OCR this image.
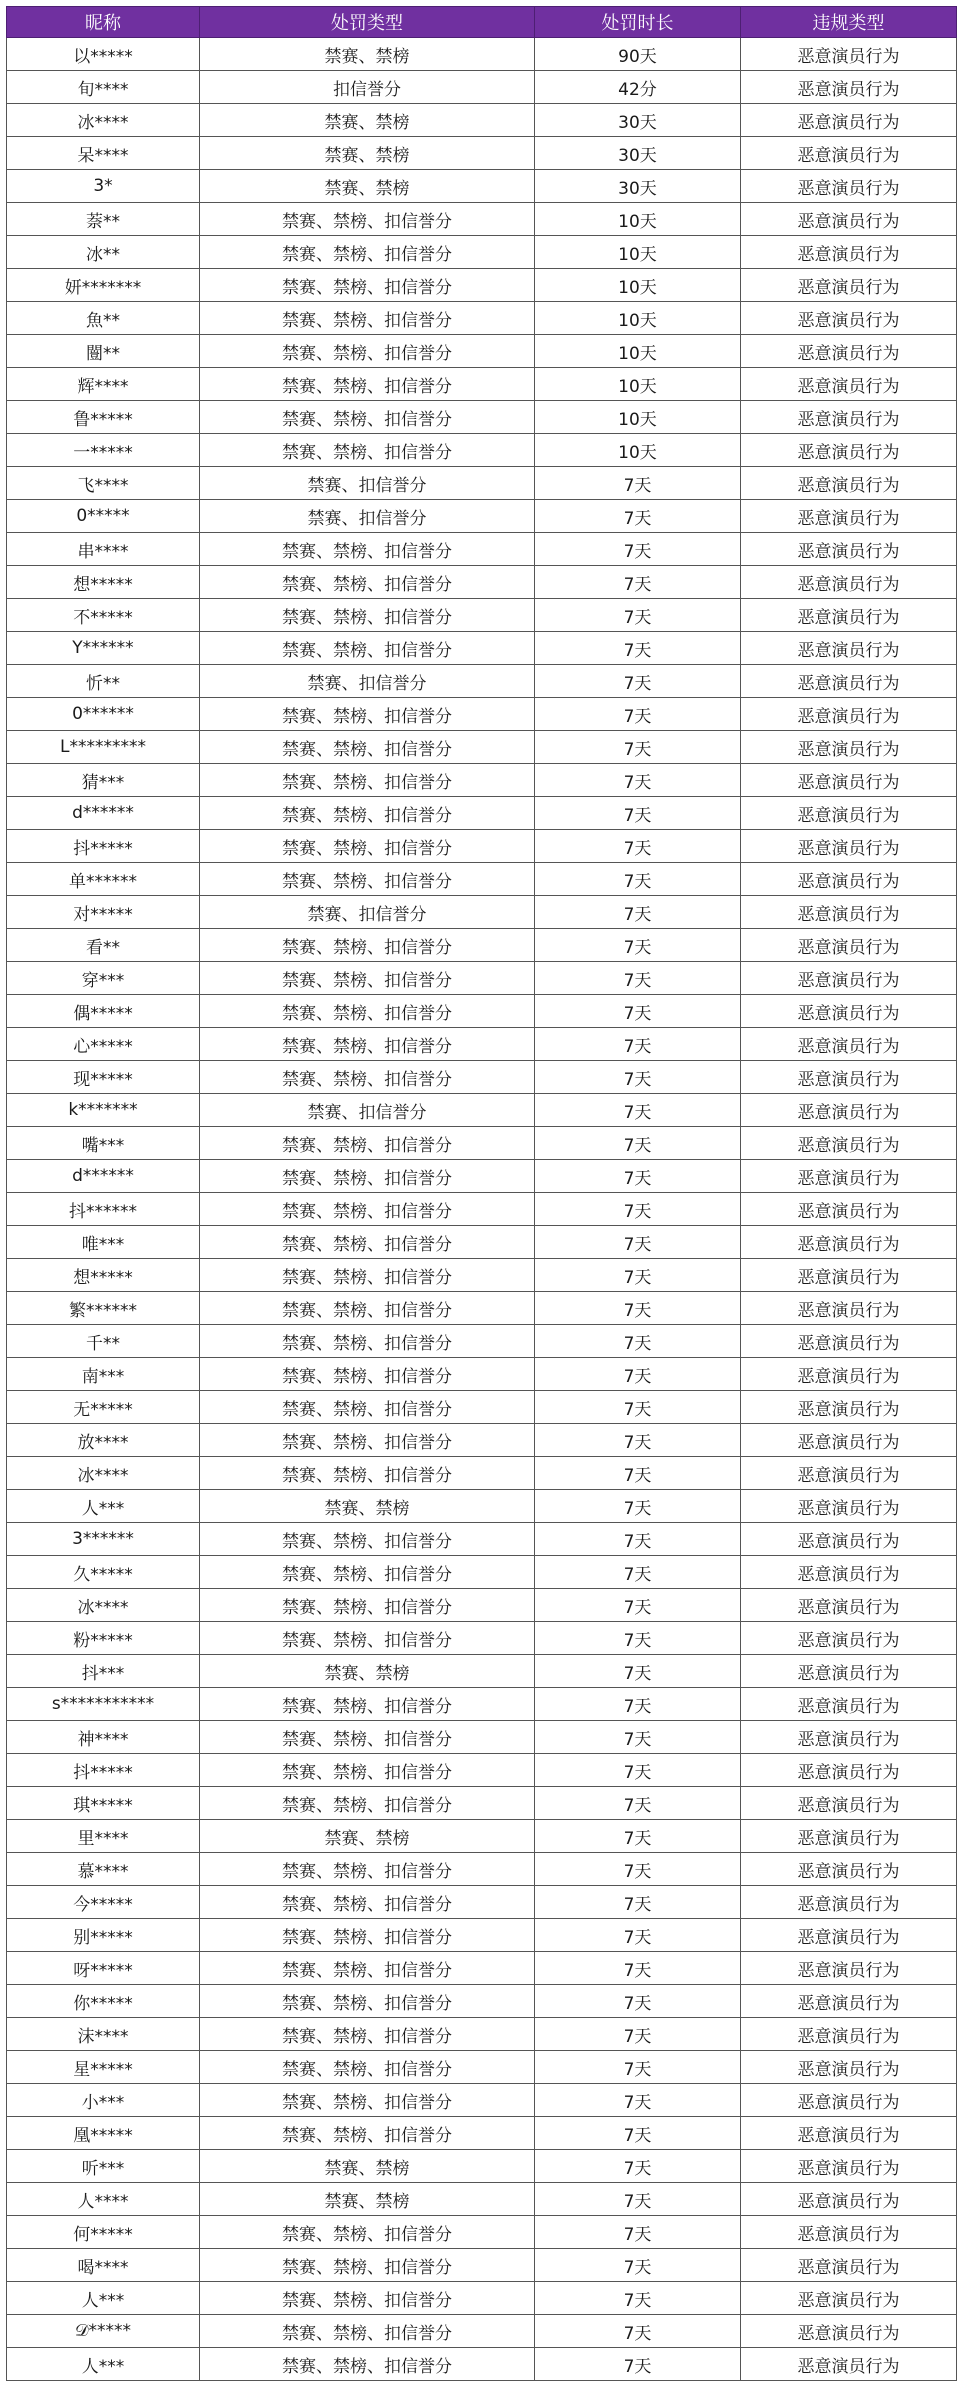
昵称	处罚类型	处罚时长	违规类型
以*****	禁赛、禁榜	90天	恶意演员行为
旬****	扣信誉分	42分	恶意演员行为
冰****	禁赛、禁榜	30天	恶意演员行为
呆****	禁赛、禁榜	30天	恶意演员行为
3*	禁赛、禁榜	30天	恶意演员行为
萘**	禁赛、禁榜、扣信誉分	10天	恶意演员行为
冰**	禁赛、禁榜、扣信誉分	10天	恶意演员行为
妍*******	禁赛、禁榜、扣信誉分	10天	恶意演员行为
魚**	禁赛、禁榜、扣信誉分	10天	恶意演员行为
闓**	禁赛、禁榜、扣信誉分	10天	恶意演员行为
辉****	禁赛、禁榜、扣信誉分	10天	恶意演员行为
鲁*****	禁赛、禁榜、扣信誉分	10天	恶意演员行为
一*****	禁赛、禁榜、扣信誉分	10天	恶意演员行为
飞****	禁赛、扣信誉分	7天	恶意演员行为
0*****	禁赛、扣信誉分	7天	恶意演员行为
串****	禁赛、禁榜、扣信誉分	7天	恶意演员行为
想*****	禁赛、禁榜、扣信誉分	7天	恶意演员行为
不*****	禁赛、禁榜、扣信誉分	7天	恶意演员行为
Y******	禁赛、禁榜、扣信誉分	7天	恶意演员行为
忻**	禁赛、扣信誉分	7天	恶意演员行为
0******	禁赛、禁榜、扣信誉分	7天	恶意演员行为
L*********	禁赛、禁榜、扣信誉分	7天	恶意演员行为
猜***	禁赛、禁榜、扣信誉分	7天	恶意演员行为
d******	禁赛、禁榜、扣信誉分	7天	恶意演员行为
抖*****	禁赛、禁榜、扣信誉分	7天	恶意演员行为
单******	禁赛、禁榜、扣信誉分	7天	恶意演员行为
对*****	禁赛、扣信誉分	7天	恶意演员行为
看**	禁赛、禁榜、扣信誉分	7天	恶意演员行为
穿***	禁赛、禁榜、扣信誉分	7天	恶意演员行为
偶*****	禁赛、禁榜、扣信誉分	7天	恶意演员行为
心*****	禁赛、禁榜、扣信誉分	7天	恶意演员行为
现*****	禁赛、禁榜、扣信誉分	7天	恶意演员行为
k*******	禁赛、扣信誉分	7天	恶意演员行为
嘴***	禁赛、禁榜、扣信誉分	7天	恶意演员行为
d******	禁赛、禁榜、扣信誉分	7天	恶意演员行为
抖******	禁赛、禁榜、扣信誉分	7天	恶意演员行为
唯***	禁赛、禁榜、扣信誉分	7天	恶意演员行为
想*****	禁赛、禁榜、扣信誉分	7天	恶意演员行为
繁******	禁赛、禁榜、扣信誉分	7天	恶意演员行为
千**	禁赛、禁榜、扣信誉分	7天	恶意演员行为
南***	禁赛、禁榜、扣信誉分	7天	恶意演员行为
无*****	禁赛、禁榜、扣信誉分	7天	恶意演员行为
放****	禁赛、禁榜、扣信誉分	7天	恶意演员行为
冰****	禁赛、禁榜、扣信誉分	7天	恶意演员行为
人***	禁赛、禁榜	7天	恶意演员行为
3******	禁赛、禁榜、扣信誉分	7天	恶意演员行为
久*****	禁赛、禁榜、扣信誉分	7天	恶意演员行为
冰****	禁赛、禁榜、扣信誉分	7天	恶意演员行为
粉*****	禁赛、禁榜、扣信誉分	7天	恶意演员行为
抖***	禁赛、禁榜	7天	恶意演员行为
s***********	禁赛、禁榜、扣信誉分	7天	恶意演员行为
神****	禁赛、禁榜、扣信誉分	7天	恶意演员行为
抖*****	禁赛、禁榜、扣信誉分	7天	恶意演员行为
琪*****	禁赛、禁榜、扣信誉分	7天	恶意演员行为
里****	禁赛、禁榜	7天	恶意演员行为
慕****	禁赛、禁榜、扣信誉分	7天	恶意演员行为
今*****	禁赛、禁榜、扣信誉分	7天	恶意演员行为
别*****	禁赛、禁榜、扣信誉分	7天	恶意演员行为
呀*****	禁赛、禁榜、扣信誉分	7天	恶意演员行为
你*****	禁赛、禁榜、扣信誉分	7天	恶意演员行为
沫****	禁赛、禁榜、扣信誉分	7天	恶意演员行为
星*****	禁赛、禁榜、扣信誉分	7天	恶意演员行为
小***	禁赛、禁榜、扣信誉分	7天	恶意演员行为
凰*****	禁赛、禁榜、扣信誉分	7天	恶意演员行为
听***	禁赛、禁榜	7天	恶意演员行为
人****	禁赛、禁榜	7天	恶意演员行为
何*****	禁赛、禁榜、扣信誉分	7天	恶意演员行为
喝****	禁赛、禁榜、扣信誉分	7天	恶意演员行为
人***	禁赛、禁榜、扣信誉分	7天	恶意演员行为
𝒟*****	禁赛、禁榜、扣信誉分	7天	恶意演员行为
人***	禁赛、禁榜、扣信誉分	7天	恶意演员行为
